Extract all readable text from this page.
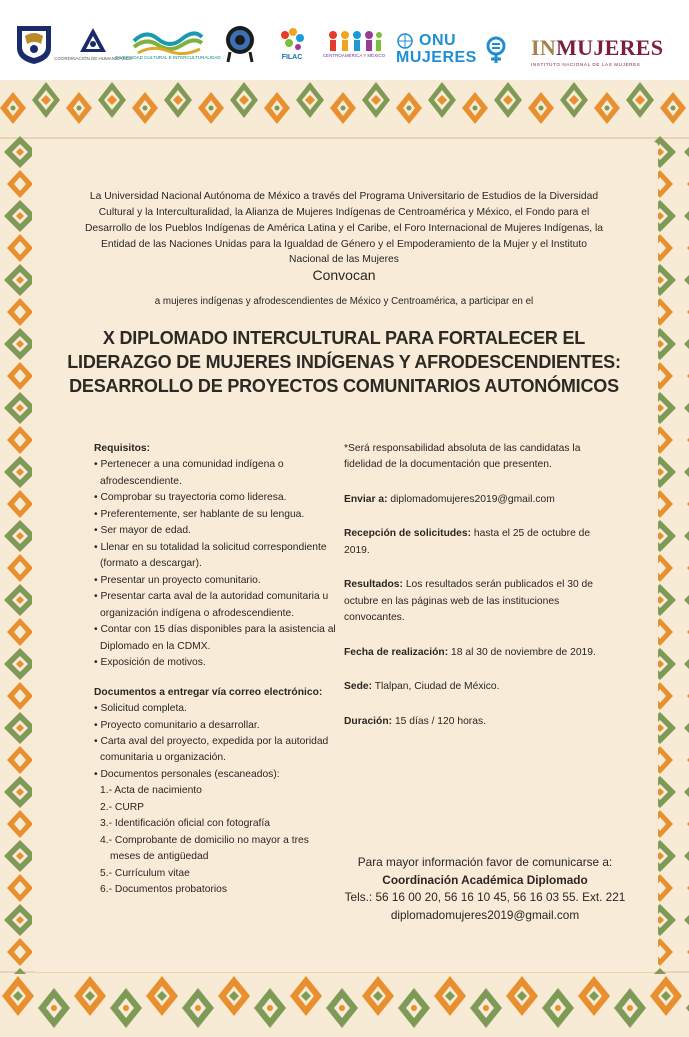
COORDINACIÓN DE HUMANIDADES
DIVERSIDAD CULTURAL E INTERCULTURALIDAD	FILAC	CENTROAMÉRICA Y MÉXICO
ONU
MUJERES INMUJERES
INSTITUTO NACIONAL DE LAS MUJERES
La Universidad Nacional Autónoma de México a través del Programa Universitario de Estudios de la Diversidad Cultural y la Interculturalidad, la Alianza de Mujeres Indígenas de Centroamérica y México, el Fondo para el Desarrollo de los Pueblos Indígenas de América Latina y el Caribe, el Foro Internacional de Mujeres Indígenas, la Entidad de las Naciones Unidas para la Igualdad de Género y el Empoderamiento de la Mujer y el Instituto Nacional de las Mujeres
Convocan
a mujeres indígenas y afrodescendientes de México y Centroamérica, a participar en el
X DIPLOMADO INTERCULTURAL PARA FORTALECER EL LIDERAZGO DE MUJERES INDÍGENAS Y AFRODESCENDIENTES: DESARROLLO DE PROYECTOS COMUNITARIOS AUTONÓMICOS
Requisitos:
• Pertenecer a una comunidad indígena o afrodescendiente.
• Comprobar su trayectoria como lideresa.
• Preferentemente, ser hablante de su lengua.
• Ser mayor de edad.
• Llenar en su totalidad la solicitud correspondiente (formato a descargar).
• Presentar un proyecto comunitario.
• Presentar carta aval de la autoridad comunitaria u organización indígena o afrodescendiente.
• Contar con 15 días disponibles para la asistencia al Diplomado en la CDMX.
• Exposición de motivos.
Documentos a entregar vía correo electrónico:
• Solicitud completa.
• Proyecto comunitario a desarrollar.
• Carta aval del proyecto, expedida por la autoridad comunitaria u organización.
• Documentos personales (escaneados):
1.- Acta de nacimiento
2.- CURP
3.- Identificación oficial con fotografía
4.- Comprobante de domicilio no mayor a tres meses de antigüedad
5.- Currículum vitae
6.- Documentos probatorios
*Será responsabilidad absoluta de las candidatas la fidelidad de la documentación que presenten.
Enviar a: diplomadomujeres2019@gmail.com
Recepción de solicitudes: hasta el 25 de octubre de 2019.
Resultados: Los resultados serán publicados el 30 de octubre en las páginas web de las instituciones convocantes.
Fecha de realización: 18 al 30 de noviembre de 2019.
Sede: Tlalpan, Ciudad de México.
Duración: 15 días / 120 horas.
Para mayor información favor de comunicarse a:
Coordinación Académica Diplomado
Tels.: 56 16 00 20, 56 16 10 45, 56 16 03 55. Ext. 221
diplomadomujeres2019@gmail.com
